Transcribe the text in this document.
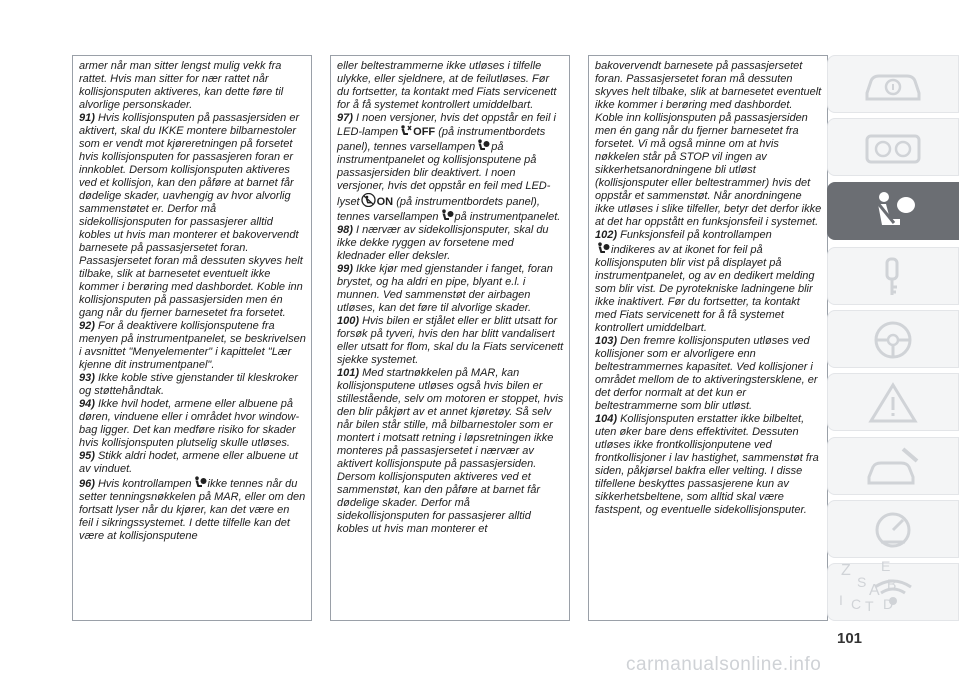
armer når man sitter lengst mulig vekk fra rattet. Hvis man sitter for nær rattet når kollisjonsputen aktiveres, kan dette føre til alvorlige personskader.

91) Hvis kollisjonsputen på passasjersiden er aktivert, skal du IKKE montere bilbarnestoler som er vendt mot kjøreretningen på forsetet hvis kollisjonsputen for passasjeren foran er innkoblet. Dersom kollisjonsputen aktiveres ved et kollisjon, kan den påføre at barnet får dødelige skader, uavhengig av hvor alvorlig sammenstøtet er. Derfor må sidekollisjonsputen for passasjerer alltid kobles ut hvis man monterer et bakovervendt barnesete på passasjersetet foran. Passasjersetet foran må dessuten skyves helt tilbake, slik at barnesetet eventuelt ikke kommer i berøring med dashbordet. Koble inn kollisjonsputen på passasjersiden men én gang når du fjerner barnesetet fra forsetet.

92) For å deaktivere kollisjonsputene fra menyen på instrumentpanelet, se beskrivelsen i avsnittet "Menyelementer" i kapittelet "Lær kjenne dit instrumentpanel".

93) Ikke koble stive gjenstander til kleskroker og støttehåndtak.

94) Ikke hvil hodet, armene eller albuene på døren, vinduene eller i området hvor window-bag ligger. Det kan medføre risiko for skader hvis kollisjonsputen plutselig skulle utløses.

95) Stikk aldri hodet, armene eller albuene ut av vinduet.

96) Hvis kontrollampen ikke tennes når du setter tenningsnøkkelen på MAR, eller om den fortsatt lyser når du kjører, kan det være en feil i sikringssystemet. I dette tilfelle kan det være at kollisjonsputene

eller beltestrammerne ikke utløses i tilfelle ulykke, eller sjeldnere, at de feilutløses. Før du fortsetter, ta kontakt med Fiats servicenett for å få systemet kontrollert umiddelbart.

97) I noen versjoner, hvis det oppstår en feil i LED-lampen OFF (på instrumentbordets panel), tennes varsellampen på instrumentpanelet og kollisjonsputene på passasjersiden blir deaktivert. I noen versjoner, hvis det oppstår en feil med LED-lyset ON (på instrumentbordets panel), tennes varsellampen på instrumentpanelet.

98) I nærvær av sidekollisjonsputer, skal du ikke dekke ryggen av forsetene med klednader eller deksler.

99) Ikke kjør med gjenstander i fanget, foran brystet, og ha aldri en pipe, blyant e.l. i munnen. Ved sammenstøt der airbagen utløses, kan det føre til alvorlige skader.

100) Hvis bilen er stjålet eller er blitt utsatt for forsøk på tyveri, hvis den har blitt vandalisert eller utsatt for flom, skal du la Fiats servicenett sjekke systemet.

101) Med startnøkkelen på MAR, kan kollisjonsputene utløses også hvis bilen er stillestående, selv om motoren er stoppet, hvis den blir påkjørt av et annet kjøretøy. Så selv når bilen står stille, må bilbarnestoler som er montert i motsatt retning i løpsretningen ikke monteres på passasjersetet i nærvær av aktivert kollisjonspute på passasjersiden. Dersom kollisjonsputen aktiveres ved et sammenstøt, kan den påføre at barnet får dødelige skader. Derfor må sidekollisjonsputen for passasjerer alltid kobles ut hvis man monterer et

bakovervendt barnesete på passasjersetet foran. Passasjersetet foran må dessuten skyves helt tilbake, slik at barnesetet eventuelt ikke kommer i berøring med dashbordet. Koble inn kollisjonsputen på passasjersiden men én gang når du fjerner barnesetet fra forsetet. Vi må også minne om at hvis nøkkelen står på STOP vil ingen av sikkerhetsanordningene bli utløst (kollisjonsputer eller beltestrammer) hvis det oppstår et sammenstøt. Når anordningene ikke utløses i slike tilfeller, betyr det derfor ikke at det har oppstått en funksjonsfeil i systemet.

102) Funksjonsfeil på kontrollampen
indikeres av at ikonet for feil på kollisjonsputen blir vist på displayet på instrumentpanelet, og av en dedikert melding som blir vist. De pyrotekniske ladningene blir ikke inaktivert. Før du fortsetter, ta kontakt med Fiats servicenett for å få systemet kontrollert umiddelbart.

103) Den fremre kollisjonsputen utløses ved kollisjoner som er alvorligere enn beltestrammernes kapasitet. Ved kollisjoner i området mellom de to aktiveringstersklene, er det derfor normalt at det kun er beltestrammerne som blir utløst.

104) Kollisjonsputen erstatter ikke bilbeltet, uten øker bare dens effektivitet. Dessuten utløses ikke frontkollisjonputene ved frontkollisjoner i lav hastighet, sammenstøt fra siden, påkjørsel bakfra eller velting. I disse tilfellene beskyttes passasjerene kun av sikkerhetsbeltene, som alltid skal være fastspent, og eventuelle sidekollisjonsputer.

Z E
S B
A
I C T D
101
carmanualsonline.info
